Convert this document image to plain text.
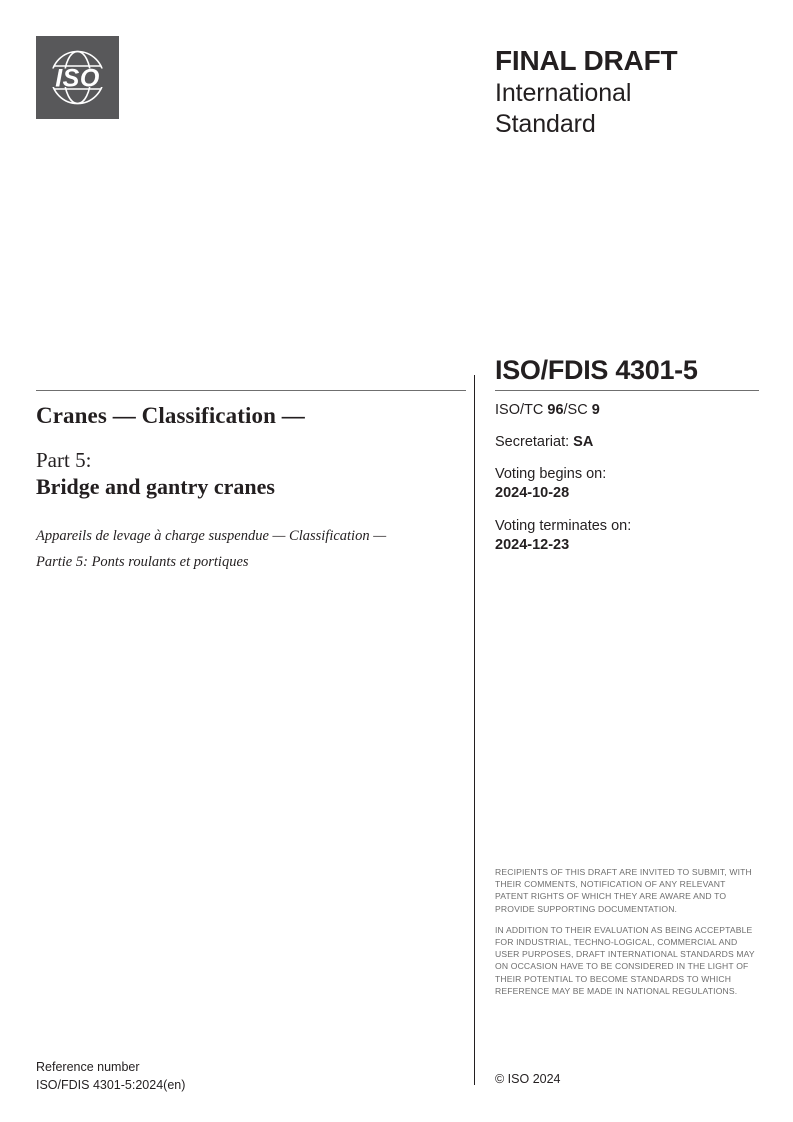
ISO
FINAL DRAFT
International
Standard
ISO/FDIS 4301-5
Cranes — Classification —
Part 5:
Bridge and gantry cranes
Appareils de levage à charge suspendue — Classification —
Partie 5: Ponts roulants et portiques
ISO/TC 96/SC 9
Secretariat: SA
Voting begins on:
2024-10-28
Voting terminates on:
2024-12-23

RECIPIENTS OF THIS DRAFT ARE INVITED TO SUBMIT, WITH THEIR COMMENTS, NOTIFICATION OF ANY RELEVANT PATENT RIGHTS OF WHICH THEY ARE AWARE AND TO PROVIDE SUPPORTING DOCUMENTATION.

IN ADDITION TO THEIR EVALUATION AS BEING ACCEPTABLE FOR INDUSTRIAL, TECHNO-LOGICAL, COMMERCIAL AND USER PURPOSES, DRAFT INTERNATIONAL STANDARDS MAY ON OCCASION HAVE TO BE CONSIDERED IN THE LIGHT OF THEIR POTENTIAL TO BECOME STANDARDS TO WHICH REFERENCE MAY BE MADE IN NATIONAL REGULATIONS.

Reference number
ISO/FDIS 4301-5:2024(en)	© ISO 2024
